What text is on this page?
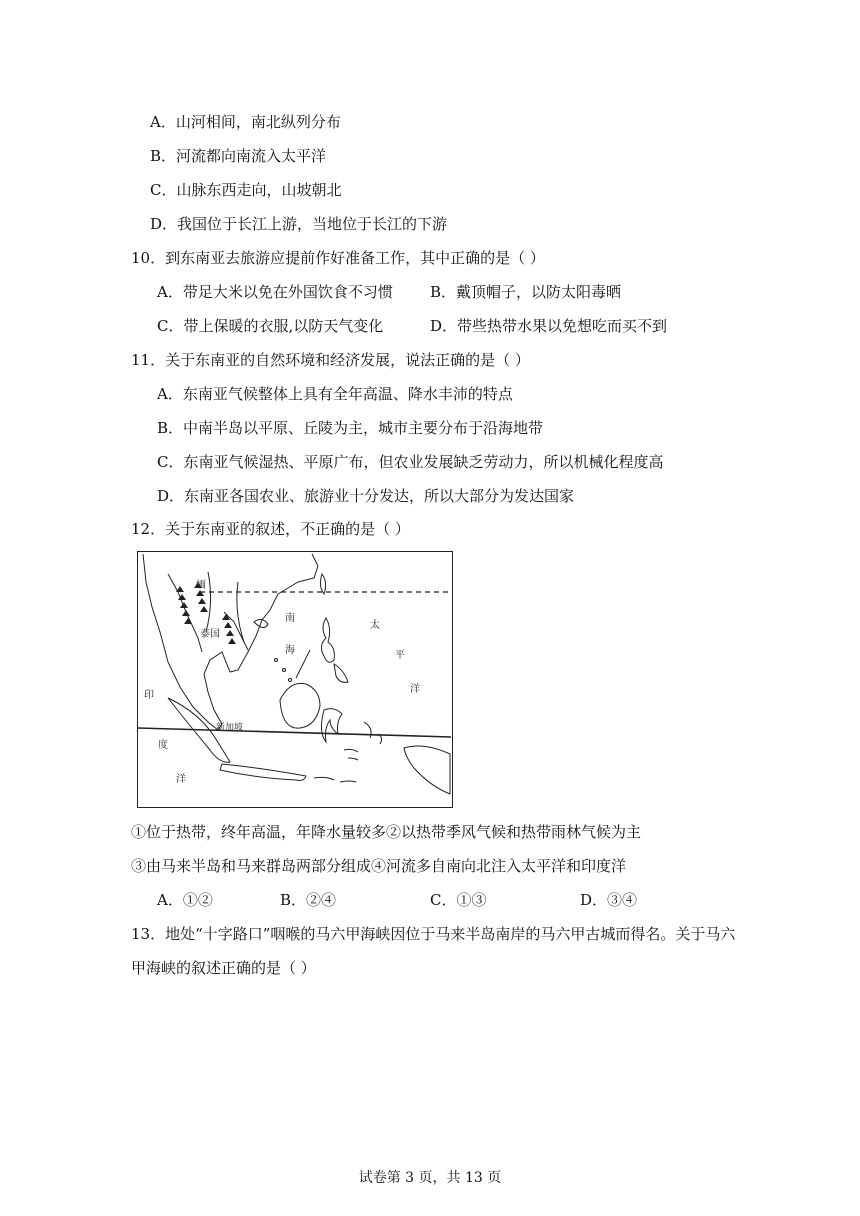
A．山河相间，南北纵列分布
B．河流都向南流入太平洋
C．山脉东西走向，山坡朝北
D．我国位于长江上游，当地位于长江的下游
10．到东南亚去旅游应提前作好准备工作，其中正确的是（ ）
A．带足大米以免在外国饮食不习惯 B．戴顶帽子，以防太阳毒晒
C．带上保暖的衣服,以防天气变化	D．带些热带水果以免想吃而买不到
11．关于东南亚的自然环境和经济发展，说法正确的是（ ）
A．东南亚气候整体上具有全年高温、降水丰沛的特点
B．中南半岛以平原、丘陵为主，城市主要分布于沿海地带
C．东南亚气候湿热、平原广布，但农业发展缺乏劳动力，所以机械化程度高
D．东南亚各国农业、旅游业十分发达，所以大部分为发达国家
12．关于东南亚的叙述，不正确的是（ ）
缅
泰国
南
海
太
平
洋
印
度
洋
新加坡
①位于热带，终年高温，年降水量较多②以热带季风气候和热带雨林气候为主
③由马来半岛和马来群岛两部分组成④河流多自南向北注入太平洋和印度洋
A．①②	B．②④	C．①③	D．③④
13．地处“十字路口”咽喉的马六甲海峡因位于马来半岛南岸的马六甲古城而得名。关于马六
甲海峡的叙述正确的是（ ）
试卷第 3 页，共 13 页
